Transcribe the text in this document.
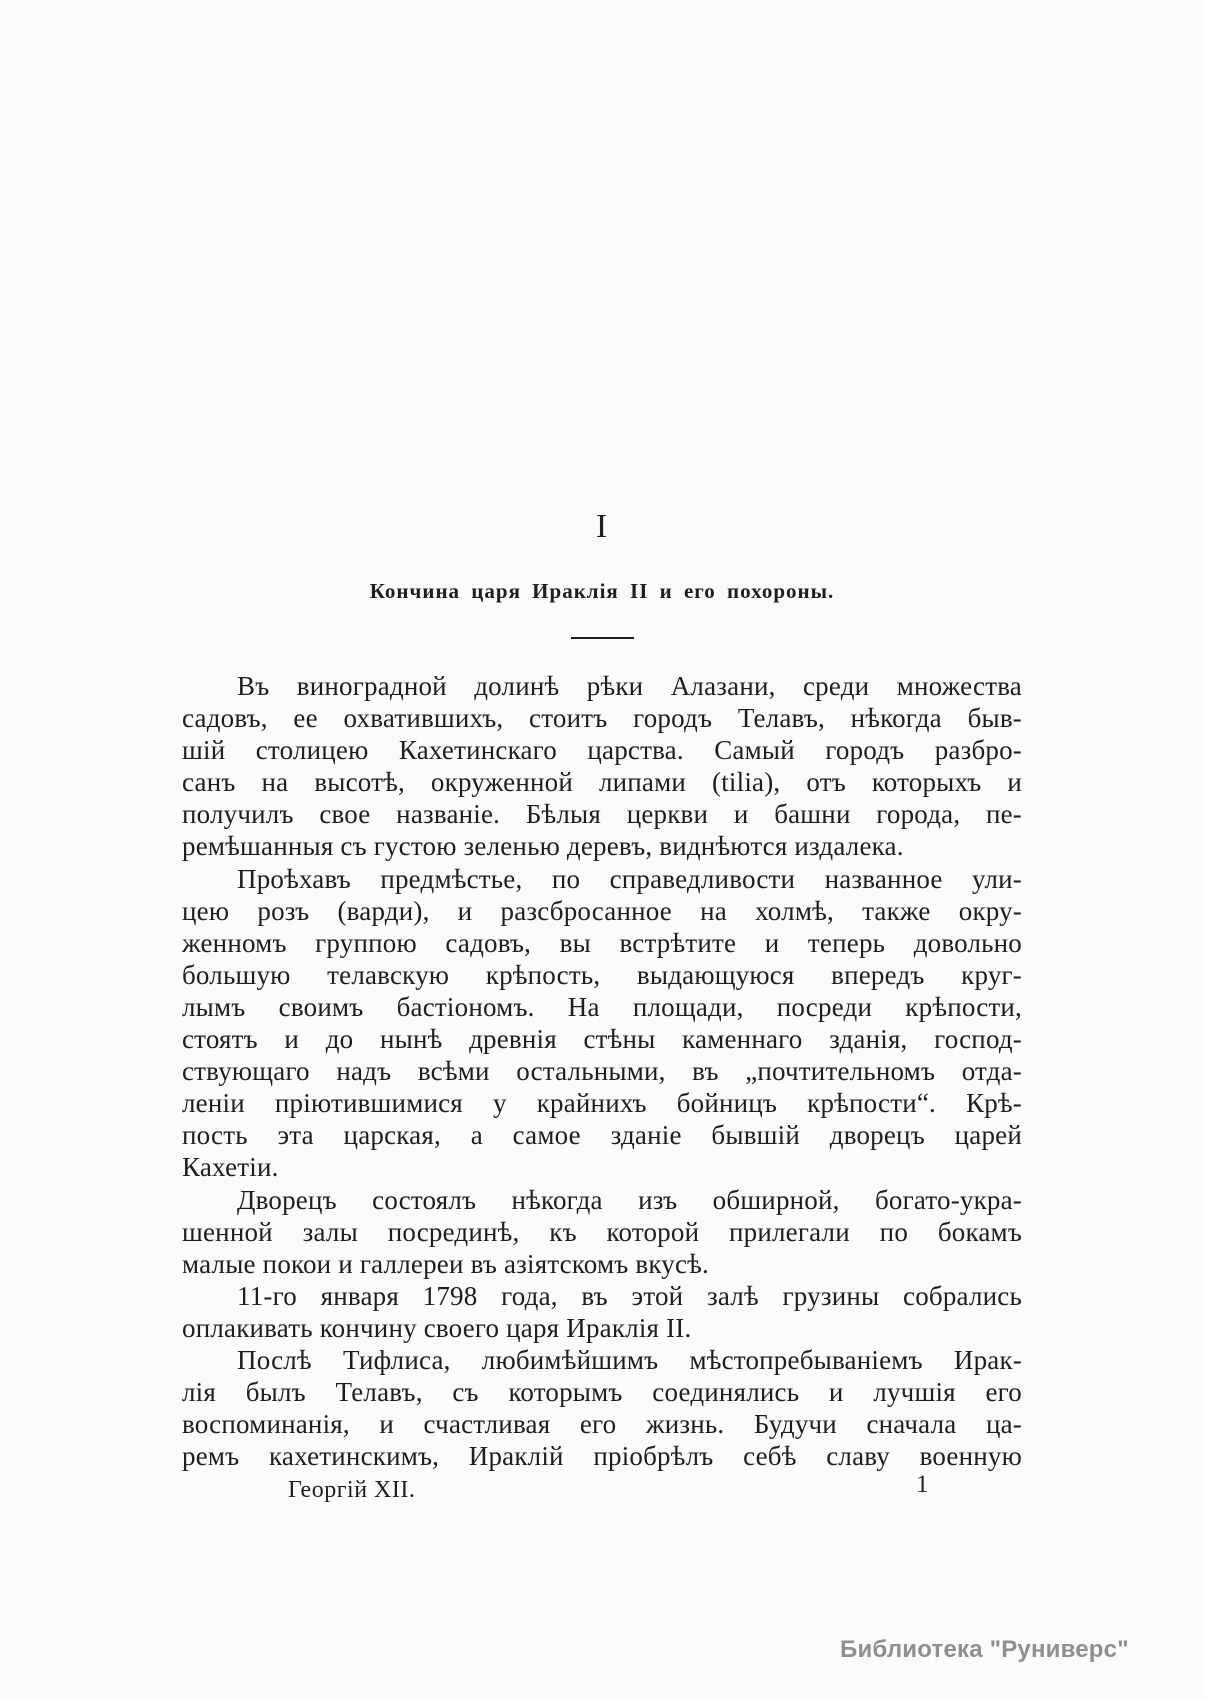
I
Кончина царя Ираклія II и его похороны.
Въ виноградной долинѣ рѣки Алазани, среди множества
садовъ, ее охватившихъ, стоитъ городъ Телавъ, нѣкогда быв-
шій столицею Кахетинскаго царства. Самый городъ разбро-
санъ на высотѣ, окруженной липами (tilia), отъ которыхъ и
получилъ свое названіе. Бѣлыя церкви и башни города, пе-
ремѣшанныя съ густою зеленью деревъ, виднѣются издалека.
Проѣхавъ предмѣстье, по справедливости названное ули-
цею розъ (варди), и разсбросанное на холмѣ, также окру-
женномъ группою садовъ, вы встрѣтите и теперь довольно
большую телавскую крѣпость, выдающуюся впередъ круг-
лымъ своимъ бастіономъ. На площади, посреди крѣпости,
стоятъ и до нынѣ древнія стѣны каменнаго зданія, господ-
ствующаго надъ всѣми остальными, въ „почтительномъ отда-
леніи пріютившимися у крайнихъ бойницъ крѣпости“. Крѣ-
пость эта царская, а самое зданіе бывшій дворецъ царей
Кахетіи.
Дворецъ состоялъ нѣкогда изъ обширной, богато-укра-
шенной залы посрединѣ, къ которой прилегали по бокамъ
малые покои и галлереи въ азіятскомъ вкусѣ.
11-го января 1798 года, въ этой залѣ грузины собрались
оплакивать кончину своего царя Ираклія II.
Послѣ Тифлиса, любимѣйшимъ мѣстопребываніемъ Ирак-
лія былъ Телавъ, съ которымъ соединялись и лучшія его
воспоминанія, и счастливая его жизнь. Будучи сначала ца-
ремъ кахетинскимъ, Ираклій пріобрѣлъ себѣ славу военную
Георгій XII.	1
Библиотека "Руниверс"
